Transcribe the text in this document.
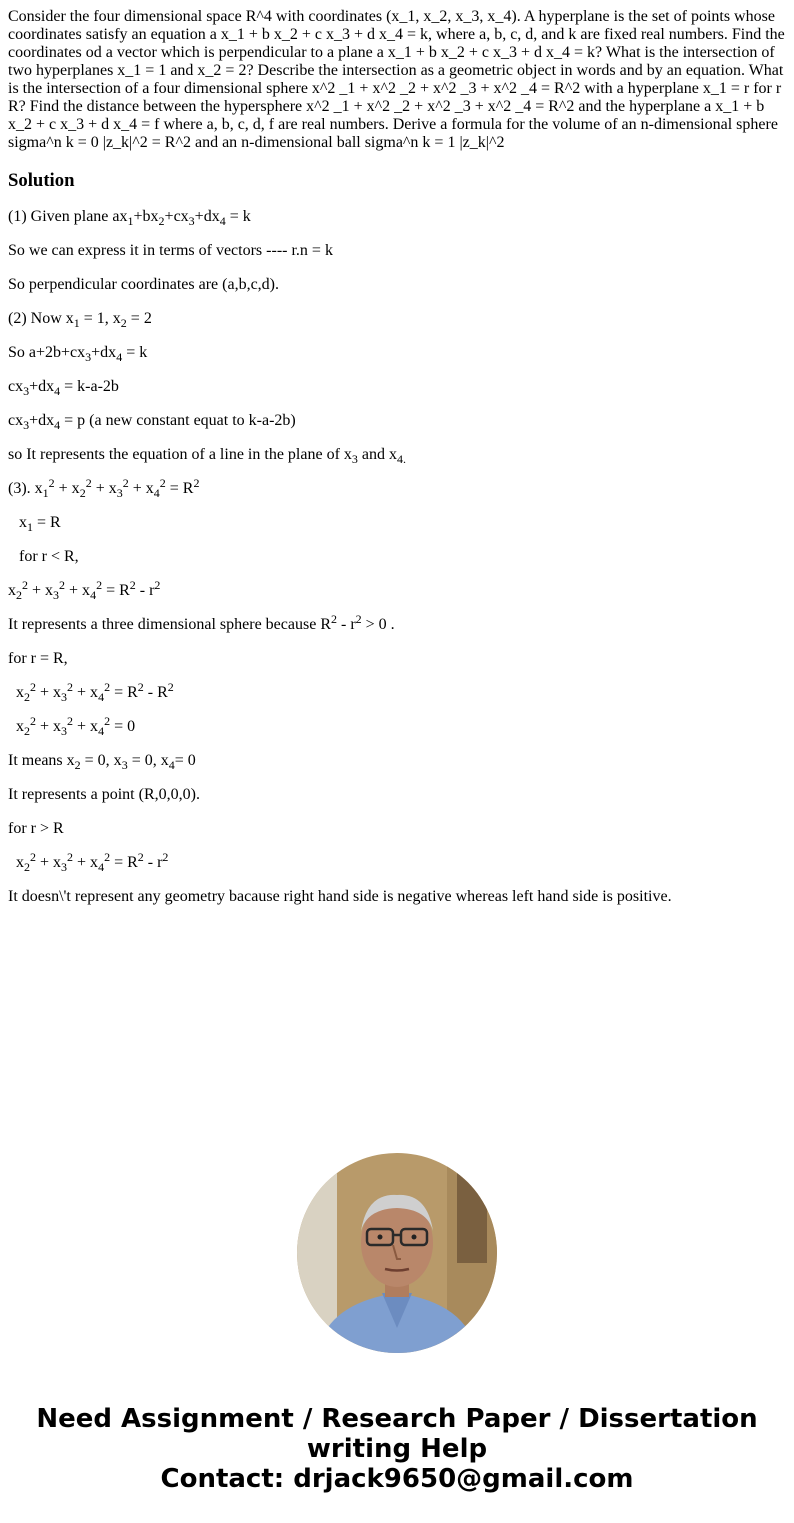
Consider the four dimensional space R^4 with coordinates (x_1, x_2, x_3, x_4). A hyperplane is the set of points whose coordinates satisfy an equation a x_1 + b x_2 + c x_3 + d x_4 = k, where a, b, c, d, and k are fixed real numbers. Find the coordinates od a vector which is perpendicular to a plane a x_1 + b x_2 + c x_3 + d x_4 = k? What is the intersection of two hyperplanes x_1 = 1 and x_2 = 2? Describe the intersection as a geometric object in words and by an equation. What is the intersection of a four dimensional sphere x^2 _1 + x^2 _2 + x^2 _3 + x^2 _4 = R^2 with a hyperplane x_1 = r for r R? Find the distance between the hypersphere x^2 _1 + x^2 _2 + x^2 _3 + x^2 _4 = R^2 and the hyperplane a x_1 + b x_2 + c x_3 + d x_4 = f where a, b, c, d, f are real numbers. Derive a formula for the volume of an n-dimensional sphere sigma^n k = 0 |z_k|^2 = R^2 and an n-dimensional ball sigma^n k = 1 |z_k|^2
Solution

(1) Given plane $ax_1+bx_2+cx_3+dx_4 = k$

So we can express it in terms of vectors ---- r.n = k

So perpendicular coordinates are (a,b,c,d).

(2) Now $x_1 = 1$, $x_2 = 2$

So $a+2b+cx_3+dx_4 = k$

$cx_3+dx_4 = k-a-2b$

$cx_3+dx_4 = p$ (a new constant equat to k-a-2b)

so It represents the equation of a line in the plane of $x_3$ and $x_{4.}$

(3). $x_1^2 + x_2^2 + x_3^2 + x_4^2 = R^2$

$x_1 = R$

for r < R,

$x_2^2 + x_3^2 + x_4^2 = R^2 - r^2$

It represents a three dimensional sphere because $R^2 - r^2 > 0$ .

for r = R,

$x_2^2 + x_3^2 + x_4^2 = R^2 - R^2$

$x_2^2 + x_3^2 + x_4^2 = 0$

It means $x_2 = 0$, $x_3 = 0$, $x_4= 0$

It represents a point (R,0,0,0).

for r > R

$x_2^2 + x_3^2 + x_4^2 = R^2 - r^2$

It doesn\'t represent any geometry bacause right hand side is negative whereas left hand side is positive.

Need Assignment / Research Paper / Dissertation
writing Help
Contact: drjack9650@gmail.com
